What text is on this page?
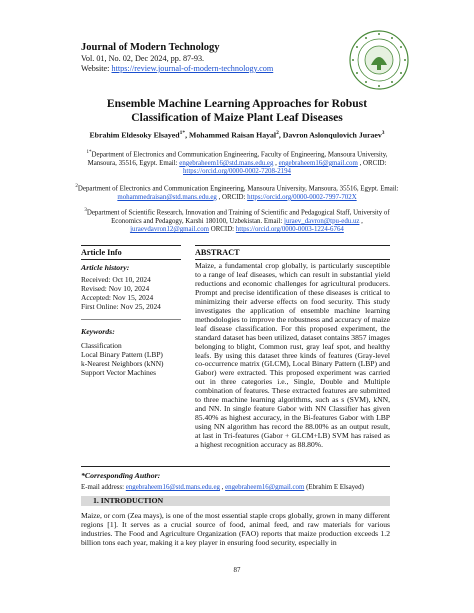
Journal of Modern Technology
Vol. 01, No. 02, Dec 2024, pp. 87-93.
Website: https://review.journal-of-modern-technology.com
Ensemble Machine Learning Approaches for Robust
Classification of Maize Plant Leaf Diseases
Ebrahim Eldesoky Elsayed$^{1*}$, Mohammed Raisan Hayal$^2$, Davron Aslonqulovich Juraev$^3$
$^{1*}$Department of Electronics and Communication Engineering, Faculty of Engineering, Mansoura University, Mansoura, 35516, Egypt. Email: engebraheem16@std.mans.edu.eg , engebraheem16@gmail.com , ORCID: https://orcid.org/0000-0002-7208-2194
$^2$Department of Electronics and Communication Engineering, Mansoura University, Mansoura, 35516, Egypt. Email: mohammedraisan@std.mans.edu.eg , ORCID: https://orcid.org/0000-0002-7997-702X
$^3$Department of Scientific Research, Innovation and Training of Scientific and Pedagogical Staff, University of Economics and Pedagogy, Karshi 180100, Uzbekistan. Email: juraev_davron@tpu-edu.uz , juraevdavron12@gmail.com ORCID: https://orcid.org/0000-0003-1224-6764
Article Info	ABSTRACT
Article history:
Received: Oct 10, 2024
Revised: Nov 10, 2024
Accepted: Nov 15, 2024
First Online: Nov 25, 2024
Keywords:
Classification
Local Binary Pattern (LBP)
k-Nearest Neighbors (kNN)
Support Vector Machines
Maize, a fundamental crop globally, is particularly susceptible to a range of leaf diseases, which can result in substantial yield reductions and economic challenges for agricultural producers. Prompt and precise identification of these diseases is critical to minimizing their adverse effects on food security. This study investigates the application of ensemble machine learning methodologies to improve the robustness and accuracy of maize leaf disease classification. For this proposed experiment, the standard dataset has been utilized, dataset contains 3857 images belonging to blight, Common rust, gray leaf spot, and healthy leafs. By using this dataset three kinds of features (Gray-level co-occurrence matrix (GLCM), Local Binary Pattern (LBP) and Gabor) were extracted. This proposed experiment was carried out in three categories i.e., Single, Double and Multiple combination of features. These extracted features are submitted to three machine learning algorithms, such as s (SVM), kNN, and NN. In single feature Gabor with NN Classifier has given 85.40% as highest accuracy, in the Bi-features Gabor with LBP using NN algorithm has record the 88.00% as an output result, at last in Tri-features (Gabor + GLCM+LB) SVM has raised as a highest recognition accuracy as 88.80%.
*Corresponding Author:
E-mail address: engebraheem16@std.mans.edu.eg , engebraheem16@gmail.com (Ebrahim E Elsayed)
1. INTRODUCTION
Maize, or corn (Zea mays), is one of the most essential staple crops globally, grown in many different regions [1]. It serves as a crucial source of food, animal feed, and raw materials for various industries. The Food and Agriculture Organization (FAO) reports that maize production exceeds 1.2 billion tons each year, making it a key player in ensuring food security, especially in
87
